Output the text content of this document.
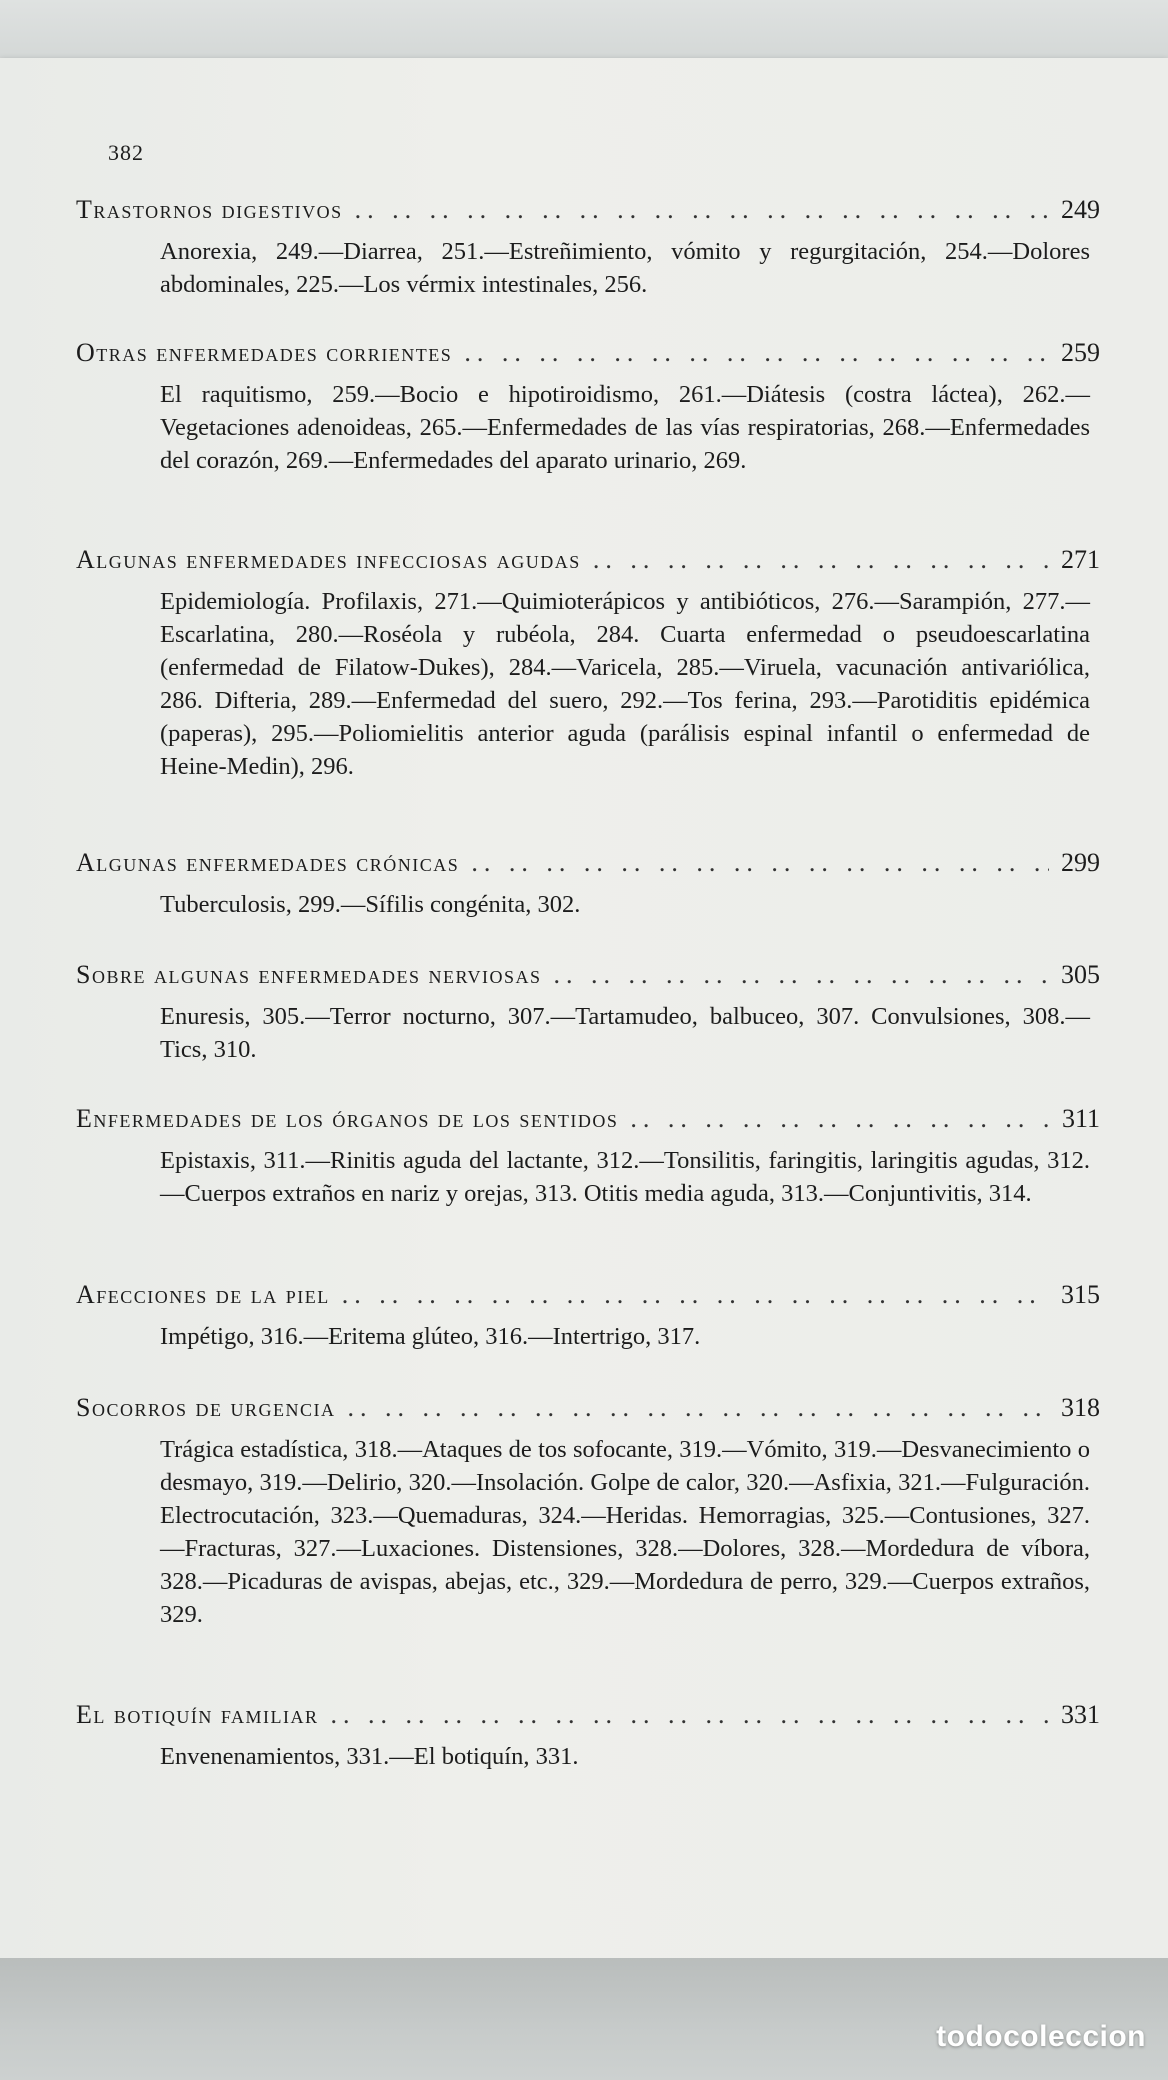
382
Trastornos digestivos .. ..	249
Anorexia, 249.—Diarrea, 251.—Estreñimiento, vómito y regurgitación, 254.—Dolores abdominales, 225.—Los vérmix intestinales, 256.
Otras enfermedades corrientes .. ..	259
El raquitismo, 259.—Bocio e hipotiroidismo, 261.—Diátesis (costra láctea), 262.—Vegetaciones adenoideas, 265.—Enfermedades de las vías respiratorias, 268.—Enfermedades del corazón, 269.—Enfermedades del aparato urinario, 269.
Algunas enfermedades infecciosas agudas .. ..	271
Epidemiología. Profilaxis, 271.—Quimioterápicos y antibióticos, 276.—Sarampión, 277.—Escarlatina, 280.—Roséola y rubéola, 284. Cuarta enfermedad o pseudoescarlatina (enfermedad de Filatow-Dukes), 284.—Varicela, 285.—Viruela, vacunación antivariólica, 286. Difteria, 289.—Enfermedad del suero, 292.—Tos ferina, 293.—Parotiditis epidémica (paperas), 295.—Poliomielitis anterior aguda (parálisis espinal infantil o enfermedad de Heine-Medin), 296.
Algunas enfermedades crónicas .. ..	299
Tuberculosis, 299.—Sífilis congénita, 302.
Sobre algunas enfermedades nerviosas .. ..	305
Enuresis, 305.—Terror nocturno, 307.—Tartamudeo, balbuceo, 307. Convulsiones, 308.—Tics, 310.
Enfermedades de los órganos de los sentidos .. ..	311
Epistaxis, 311.—Rinitis aguda del lactante, 312.—Tonsilitis, faringitis, laringitis agudas, 312.—Cuerpos extraños en nariz y orejas, 313. Otitis media aguda, 313.—Conjuntivitis, 314.
Afecciones de la piel .. ..	315
Impétigo, 316.—Eritema glúteo, 316.—Intertrigo, 317.
Socorros de urgencia .. ..	318
Trágica estadística, 318.—Ataques de tos sofocante, 319.—Vómito, 319.—Desvanecimiento o desmayo, 319.—Delirio, 320.—Insolación. Golpe de calor, 320.—Asfixia, 321.—Fulguración. Electrocutación, 323.—Quemaduras, 324.—Heridas. Hemorragias, 325.—Contusiones, 327.—Fracturas, 327.—Luxaciones. Distensiones, 328.—Dolores, 328.—Mordedura de víbora, 328.—Picaduras de avispas, abejas, etc., 329.—Mordedura de perro, 329.—Cuerpos extraños, 329.
El botiquín familiar .. ..	331
Envenenamientos, 331.—El botiquín, 331.
todocoleccion
